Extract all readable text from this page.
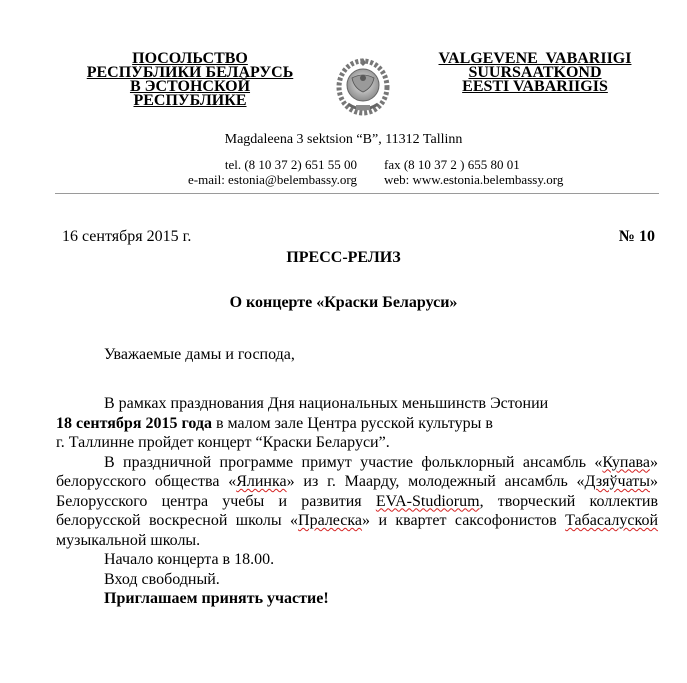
ПОСОЛЬСТВО
РЕСПУБЛИКИ БЕЛАРУСЬ
В ЭСТОНСКОЙ
РЕСПУБЛИКЕ
VALGEVENE  VABARIIGI
SUURSAATKOND
EESTI VABARIIGIS
Magdaleena 3 sektsion “B”, 11312 Tallinn
tel. (8 10 37 2) 651 55 00
e-mail: estonia@belembassy.org
fax (8 10 37 2 ) 655 80 01
web: www.estonia.belembassy.org
16 сентября 2015 г.	№ 10
ПРЕСС-РЕЛИЗ
О концерте «Краски Беларуси»
Уважаемые дамы и господа,

В рамках празднования Дня национальных меньшинств Эстонии
18 сентября 2015 года в малом зале Центра русской культуры в
г. Таллинне пройдет концерт “Краски Беларуси”.

В праздничной программе примут участие фольклорный ансамбль «Купава» белорусского общества «Ялинка» из г. Маарду, молодежный ансамбль «Дзяўчаты» Белорусского центра учебы и развития EVA-Studiorum, творческий коллектив белорусской воскресной школы «Пралеска» и квартет саксофонистов Табасалуской музыкальной школы.

Начало концерта в 18.00.

Вход свободный.

Приглашаем принять участие!
